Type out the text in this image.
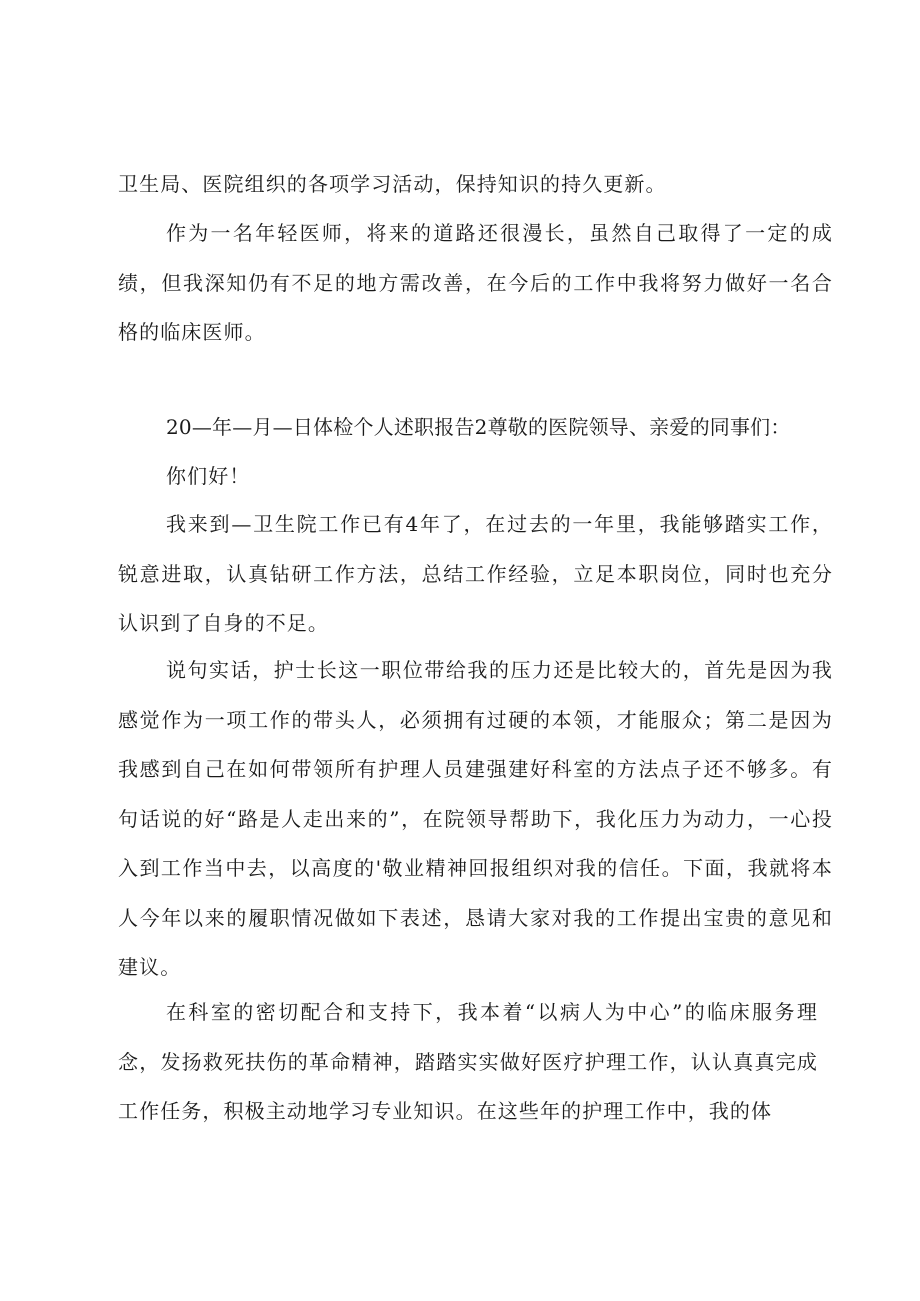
卫生局、医院组织的各项学习活动，保持知识的持久更新。

作为一名年轻医师，将来的道路还很漫长，虽然自己取得了一定的成绩，但我深知仍有不足的地方需改善，在今后的工作中我将努力做好一名合格的临床医师。

20—年—月—日体检个人述职报告2尊敬的医院领导、亲爱的同事们：

你们好！

我来到—卫生院工作已有4年了，在过去的一年里，我能够踏实工作，锐意进取，认真钻研工作方法，总结工作经验，立足本职岗位，同时也充分认识到了自身的不足。

说句实话，护士长这一职位带给我的压力还是比较大的，首先是因为我感觉作为一项工作的带头人，必须拥有过硬的本领，才能服众；第二是因为我感到自己在如何带领所有护理人员建强建好科室的方法点子还不够多。有句话说的好“路是人走出来的”，在院领导帮助下，我化压力为动力，一心投入到工作当中去，以高度的'敬业精神回报组织对我的信任。下面，我就将本人今年以来的履职情况做如下表述，恳请大家对我的工作提出宝贵的意见和建议。

在科室的密切配合和支持下，我本着“以病人为中心”的临床服务理念，发扬救死扶伤的革命精神，踏踏实实做好医疗护理工作，认认真真完成工作任务，积极主动地学习专业知识。在这些年的护理工作中，我的体
